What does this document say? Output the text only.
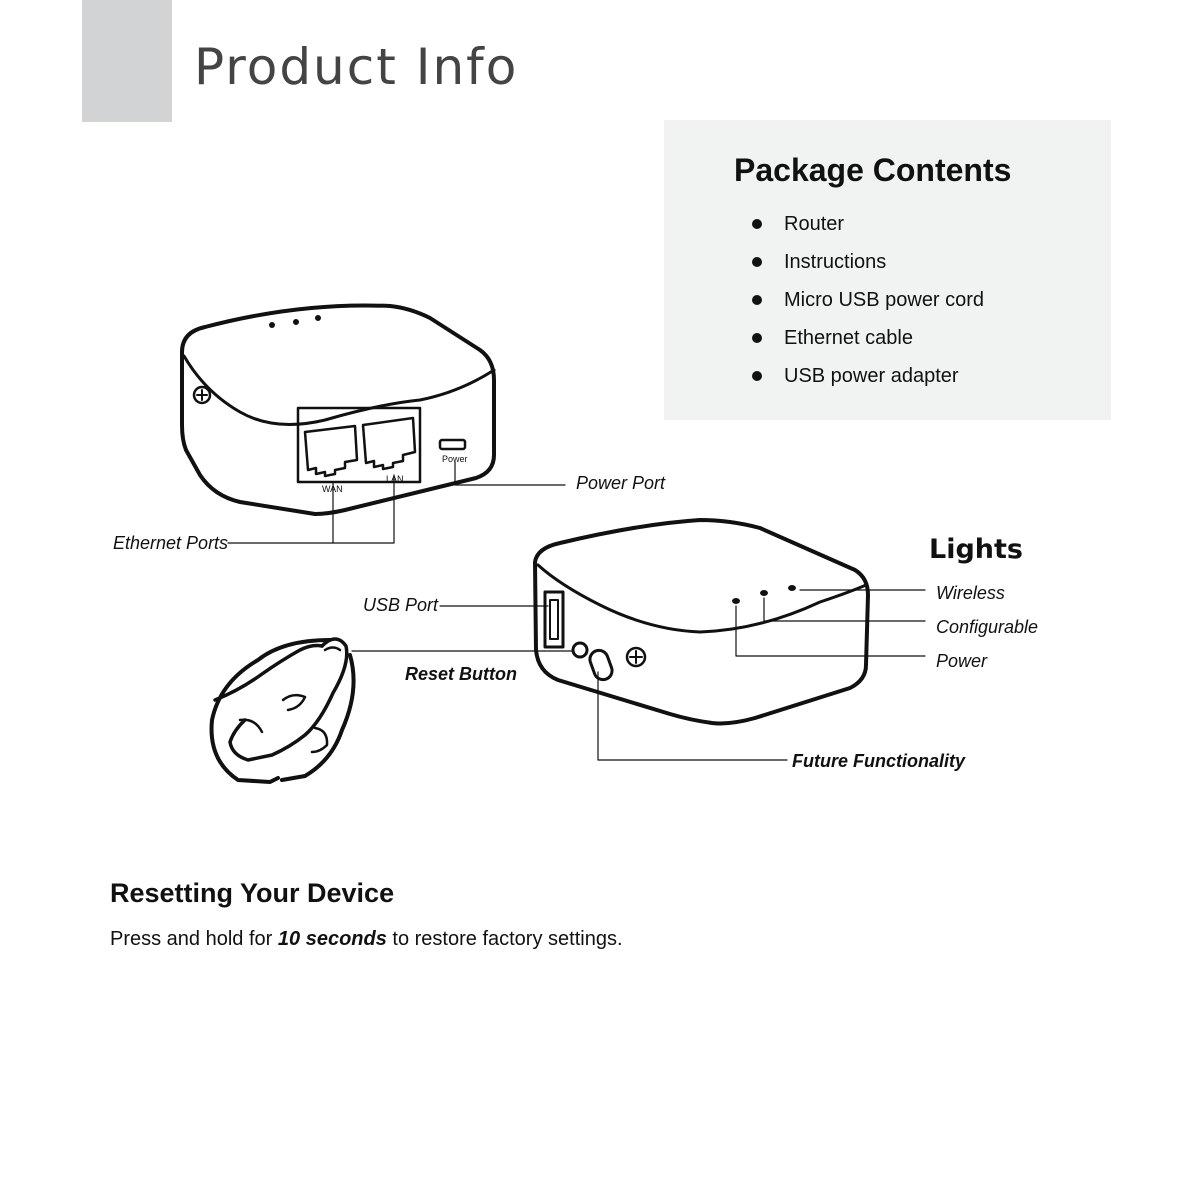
Product Info
Package Contents
Router
Instructions
Micro USB power cord
Ethernet cable
USB power adapter
WAN
LAN
Power
Power Port
Ethernet Ports
USB Port
Reset Button
Future Functionality
Lights
Wireless
Configurable
Power
Resetting Your Device
Press and hold for 10 seconds to restore factory settings.
